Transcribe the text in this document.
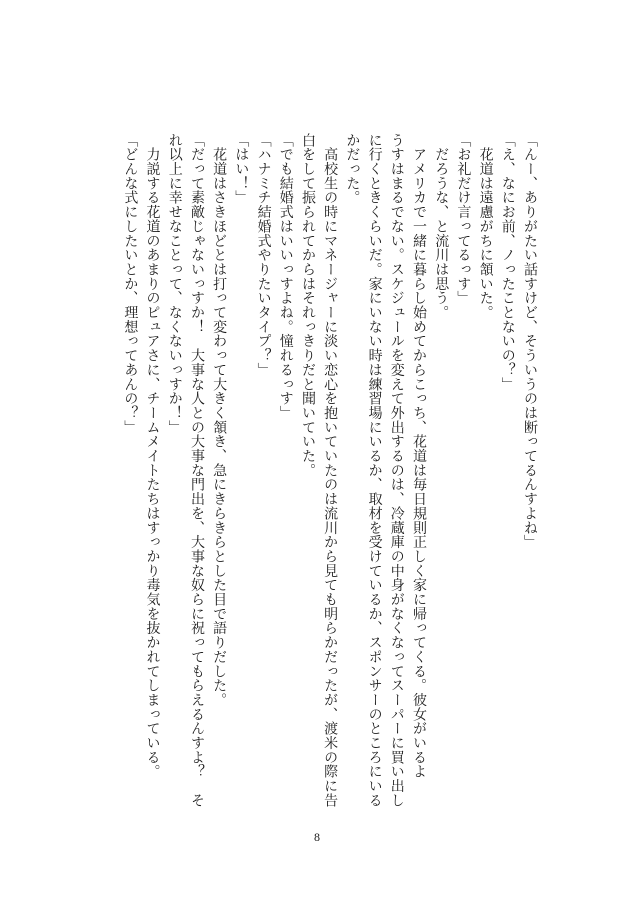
「んー、ありがたい話すけど、そういうのは断ってるんすよね」
「え、なにお前、ノったことないの？」
　花道は遠慮がちに頷いた。
「お礼だけ言ってるっす」
　だろうな、と流川は思う。
　アメリカで一緒に暮らし始めてからこっち、花道は毎日規則正しく家に帰ってくる。彼女がいるよ
うすはまるでない。スケジュールを変えて外出するのは、冷蔵庫の中身がなくなってスーパーに買い出し
に行くときくらいだ。家にいない時は練習場にいるか、取材を受けているか、スポンサーのところにいる
かだった。
　高校生の時にマネージャーに淡い恋心を抱いていたのは流川から見ても明らかだったが、渡米の際に告
白をして振られてからはそれっきりだと聞いていた。
「でも結婚式はいいっすよね。憧れるっす」
「ハナミチ結婚式やりたいタイプ？」
「はい！」
　花道はさきほどとは打って変わって大きく頷き、急にきらきらとした目で語りだした。
「だって素敵じゃないっすか！　大事な人との大事な門出を、大事な奴らに祝ってもらえるんすよ？　そ
れ以上に幸せなことって、なくないっすか！」
　力説する花道のあまりのピュアさに、チームメイトたちはすっかり毒気を抜かれてしまっている。
「どんな式にしたいとか、理想ってあんの？」
8
